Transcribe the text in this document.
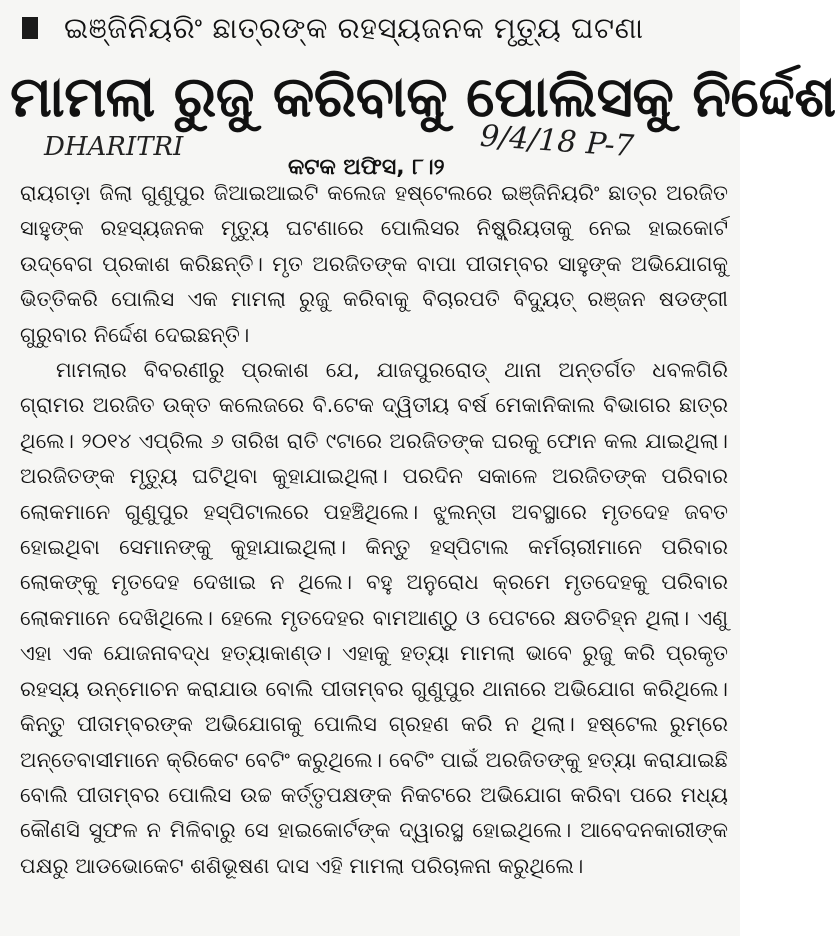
ଇଞ୍ଜିନିୟରିଂ ଛାତ୍ରଙ୍କ ରହସ୍ୟଜନକ ମୃତ୍ୟୁ ଘଟଣା
ମାମଲା ରୁଜୁ କରିବାକୁ ପୋଲିସକୁ ନିର୍ଦ୍ଦେଶ
DHARITRI	9/4/18 P-7
କଟକ ଅଫିସ, ୮।୨

ରାୟଗଡ଼ା ଜିଲା ଗୁଣୁପୁର ଜିଆଇଆଇଟି କଲେଜ ହଷ୍ଟେଲରେ ଇଞ୍ଜିନିୟରିଂ ଛାତ୍ର ଅରଜିତ ସାହୁଙ୍କ ରହସ୍ୟଜନକ ମୃତ୍ୟୁ ଘଟଣାରେ ପୋଲିସର ନିଷ୍କ୍ରିୟତାକୁ ନେଇ ହାଇକୋର୍ଟ ଉଦ୍‌ବେଗ ପ୍ରକାଶ କରିଛନ୍ତି। ମୃତ ଅରଜିତଙ୍କ ବାପା ପୀତାମ୍ବର ସାହୁଙ୍କ ଅଭିଯୋଗକୁ ଭିତ୍ତିକରି ପୋଲିସ ଏକ ମାମଲା ରୁଜୁ କରିବାକୁ ବିଚାରପତି ବିଦ୍ୟୁତ୍ ରଞ୍ଜନ ଷଡଙ୍ଗୀ ଗୁରୁବାର ନିର୍ଦ୍ଦେଶ ଦେଇଛନ୍ତି।

ମାମଲାର ବିବରଣୀରୁ ପ୍ରକାଶ ଯେ, ଯାଜପୁରରୋଡ୍ ଥାନା ଅନ୍ତର୍ଗତ ଧବଳଗିରି ଗ୍ରାମର ଅରଜିତ ଉକ୍ତ କଲେଜରେ ବି.ଟେକ ଦ୍ୱିତୀୟ ବର୍ଷ ମେକାନିକାଲ ବିଭାଗର ଛାତ୍ର ଥିଲେ। ୨୦୧୪ ଏପ୍ରିଲ ୬ ତାରିଖ ରାତି ୯ଟାରେ ଅରଜିତଙ୍କ ଘରକୁ ଫୋନ କଲ ଯାଇଥିଲା। ଅରଜିତଙ୍କ ମୃତ୍ୟୁ ଘଟିଥିବା କୁହାଯାଇଥିଲା। ପରଦିନ ସକାଳେ ଅରଜିତଙ୍କ ପରିବାର ଲୋକମାନେ ଗୁଣୁପୁର ହସ୍ପିଟାଲରେ ପହଞ୍ଚିଥିଲେ। ଝୁଲନ୍ତା ଅବସ୍ଥାରେ ମୃତଦେହ ଜବତ ହୋଇଥିବା ସେମାନଙ୍କୁ କୁହାଯାଇଥିଲା। କିନ୍ତୁ ହସ୍ପିଟାଲ କର୍ମଚାରୀମାନେ ପରିବାର ଲୋକଙ୍କୁ ମୃତଦେହ ଦେଖାଇ ନ ଥିଲେ। ବହୁ ଅନୁରୋଧ କ୍ରମେ ମୃତଦେହକୁ ପରିବାର ଲୋକମାନେ ଦେଖିଥିଲେ। ହେଲେ ମୃତଦେହର ବାମଆଣ୍ଠୁ ଓ ପେଟରେ କ୍ଷତଚିହ୍ନ ଥିଲା। ଏଣୁ ଏହା ଏକ ଯୋଜନାବଦ୍ଧ ହତ୍ୟାକାଣ୍ଡ। ଏହାକୁ ହତ୍ୟା ମାମଲା ଭାବେ ରୁଜୁ କରି ପ୍ରକୃତ ରହସ୍ୟ ଉନ୍ମୋଚନ କରାଯାଉ ବୋଲି ପୀତାମ୍ବର ଗୁଣୁପୁର ଥାନାରେ ଅଭିଯୋଗ କରିଥିଲେ। କିନ୍ତୁ ପୀତାମ୍ବରଙ୍କ ଅଭିଯୋଗକୁ ପୋଲିସ ଗ୍ରହଣ କରି ନ ଥିଲା। ହଷ୍ଟେଲ ରୁମ୍‌ରେ ଅନ୍ତେବାସୀମାନେ କ୍ରିକେଟ ବେଟିଂ କରୁଥିଲେ। ବେଟିଂ ପାଇଁ ଅରଜିତଙ୍କୁ ହତ୍ୟା କରାଯାଇଛି ବୋଲି ପୀତାମ୍ବର ପୋଲିସ ଉଚ୍ଚ କର୍ତ୍ତୃପକ୍ଷଙ୍କ ନିକଟରେ ଅଭିଯୋଗ କରିବା ପରେ ମଧ୍ୟ କୌଣସି ସୁଫଳ ନ ମିଳିବାରୁ ସେ ହାଇକୋର୍ଟଙ୍କ ଦ୍ୱାରସ୍ଥ ହୋଇଥିଲେ। ଆବେଦନକାରୀଙ୍କ ପକ୍ଷରୁ ଆଡଭୋକେଟ ଶଶିଭୂଷଣ ଦାସ ଏହି ମାମଲା ପରିଚାଳନା କରୁଥିଲେ।
